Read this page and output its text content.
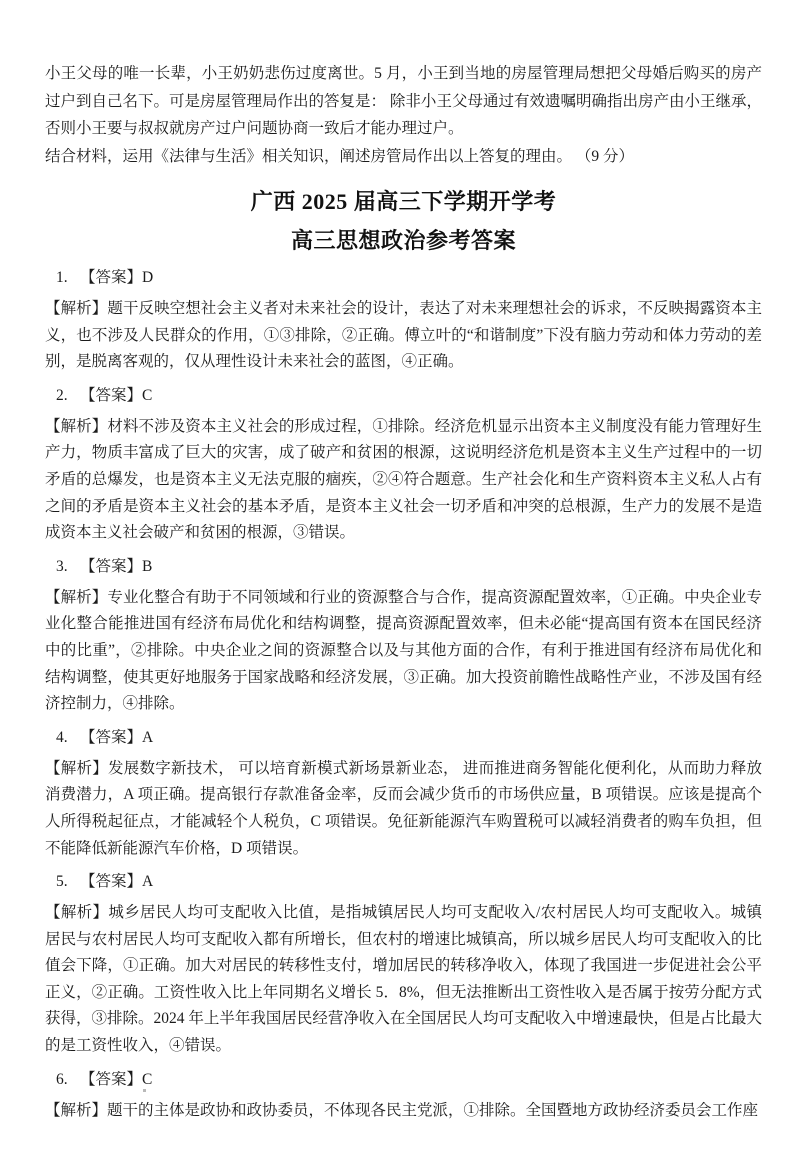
小王父母的唯一长辈，小王奶奶悲伤过度离世。5 月，小王到当地的房屋管理局想把父母婚后购买的房产过户到自己名下。可是房屋管理局作出的答复是： 除非小王父母通过有效遗嘱明确指出房产由小王继承， 否则小王要与叔叔就房产过户问题协商一致后才能办理过户。

结合材料，运用《法律与生活》相关知识，阐述房管局作出以上答复的理由。 （9 分）

广西 2025 届高三下学期开学考
高三思想政治参考答案

1. 【答案】D

【解析】题干反映空想社会主义者对未来社会的设计，表达了对未来理想社会的诉求，不反映揭露资本主义，也不涉及人民群众的作用，①③排除，②正确。傅立叶的“和谐制度”下没有脑力劳动和体力劳动的差别，是脱离客观的，仅从理性设计未来社会的蓝图，④正确。

2. 【答案】C

【解析】材料不涉及资本主义社会的形成过程，①排除。经济危机显示出资本主义制度没有能力管理好生产力，物质丰富成了巨大的灾害，成了破产和贫困的根源，这说明经济危机是资本主义生产过程中的一切矛盾的总爆发，也是资本主义无法克服的痼疾，②④符合题意。生产社会化和生产资料资本主义私人占有之间的矛盾是资本主义社会的基本矛盾，是资本主义社会一切矛盾和冲突的总根源，生产力的发展不是造成资本主义社会破产和贫困的根源，③错误。

3. 【答案】B

【解析】专业化整合有助于不同领域和行业的资源整合与合作，提高资源配置效率，①正确。中央企业专业化整合能推进国有经济布局优化和结构调整，提高资源配置效率，但未必能“提高国有资本在国民经济中的比重”，②排除。中央企业之间的资源整合以及与其他方面的合作，有利于推进国有经济布局优化和结构调整，使其更好地服务于国家战略和经济发展，③正确。加大投资前瞻性战略性产业，不涉及国有经济控制力，④排除。

4. 【答案】A

【解析】发展数字新技术， 可以培育新模式新场景新业态， 进而推进商务智能化便利化，从而助力释放消费潜力，A 项正确。提高银行存款准备金率，反而会减少货币的市场供应量，B 项错误。应该是提高个人所得税起征点，才能减轻个人税负，C 项错误。免征新能源汽车购置税可以减轻消费者的购车负担，但不能降低新能源汽车价格，D 项错误。

5. 【答案】A

【解析】城乡居民人均可支配收入比值，是指城镇居民人均可支配收入/农村居民人均可支配收入。城镇居民与农村居民人均可支配收入都有所增长，但农村的增速比城镇高，所以城乡居民人均可支配收入的比值会下降，①正确。加大对居民的转移性支付，增加居民的转移净收入，体现了我国进一步促进社会公平正义，②正确。工资性收入比上年同期名义增长 5．8%，但无法推断出工资性收入是否属于按劳分配方式获得，③排除。2024 年上半年我国居民经营净收入在全国居民人均可支配收入中增速最快，但是占比最大的是工资性收入，④错误。

6. 【答案】C

【解析】题干的主体是政协和政协委员，不体现各民主党派，①排除。全国暨地方政协经济委员会工作座
